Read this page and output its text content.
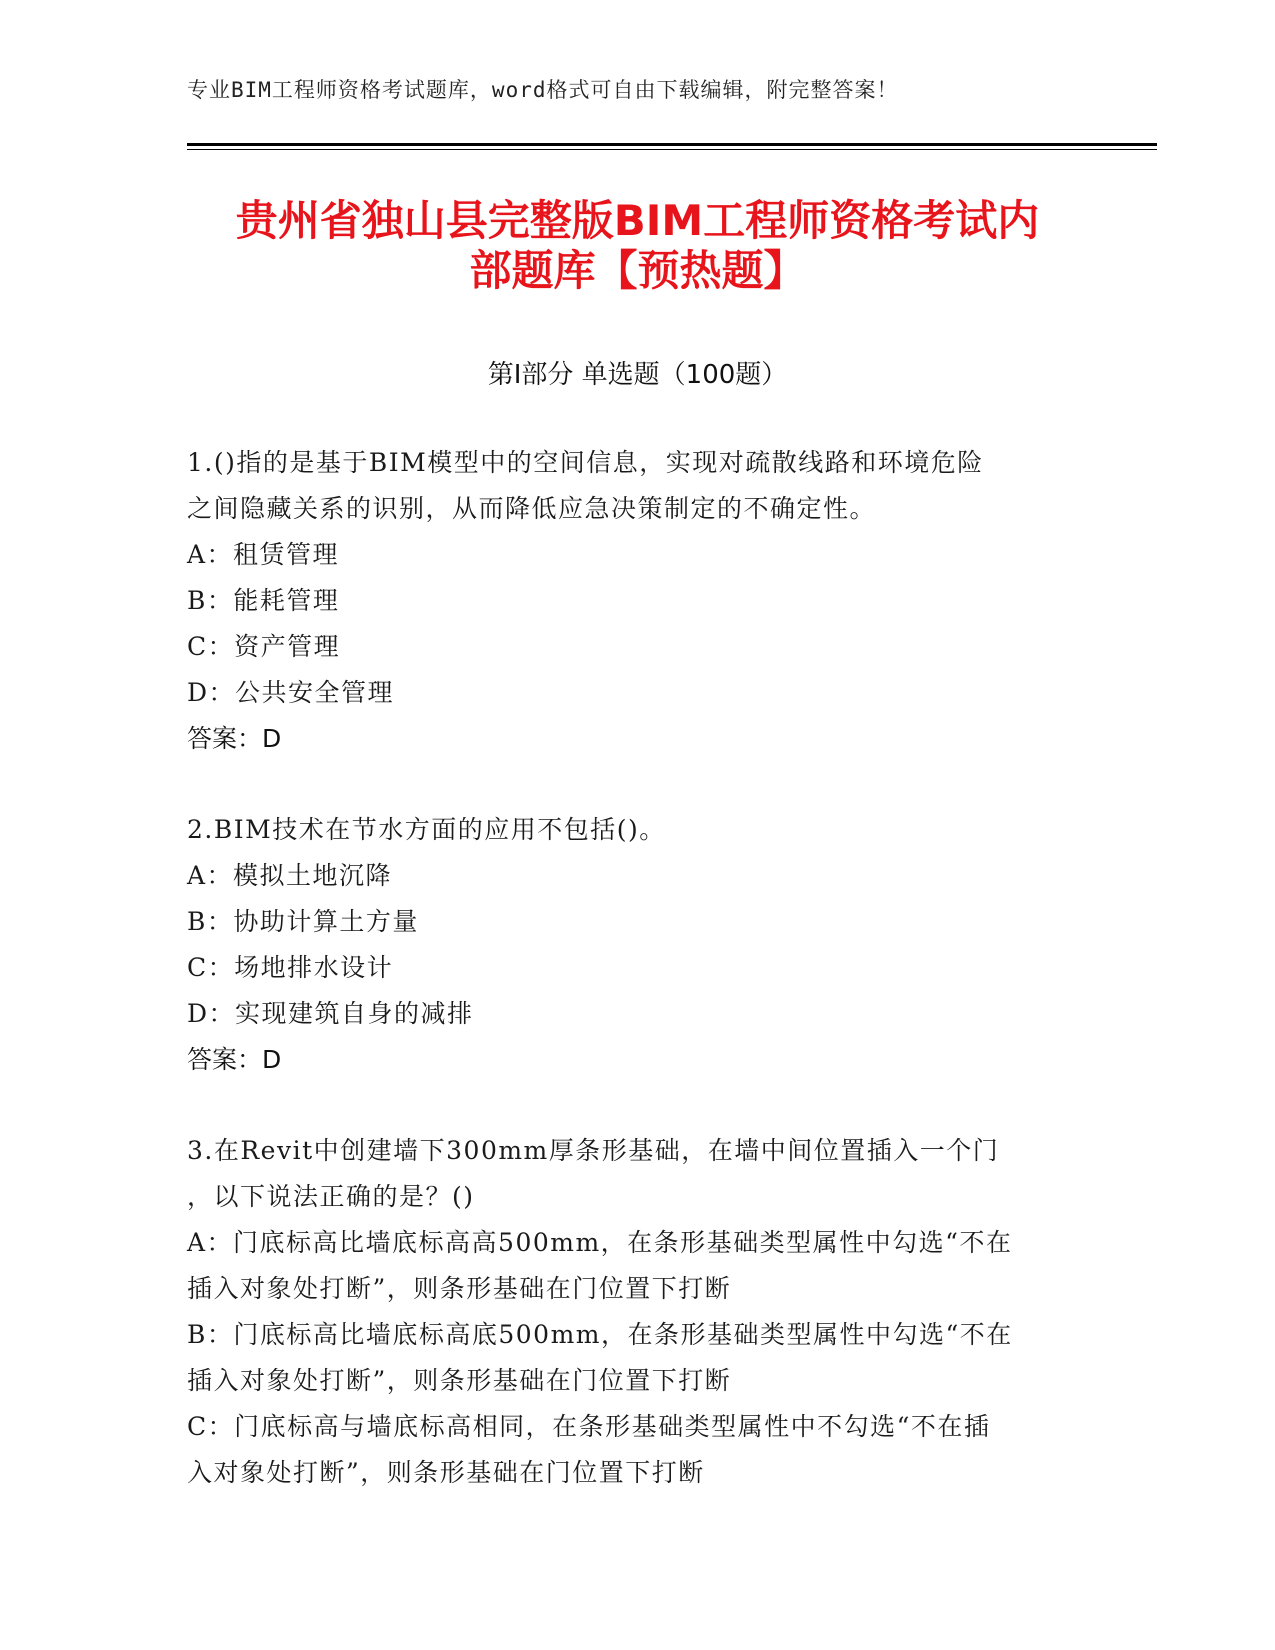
专业BIM工程师资格考试题库，word格式可自由下载编辑，附完整答案！
贵州省独山县完整版BIM工程师资格考试内
部题库【预热题】
第Ⅰ部分 单选题（100题）

1.()指的是基于BIM模型中的空间信息，实现对疏散线路和环境危险

之间隐藏关系的识别，从而降低应急决策制定的不确定性。

A：租赁管理

B：能耗管理

C：资产管理

D：公共安全管理

答案：D

2.BIM技术在节水方面的应用不包括()。

A：模拟土地沉降

B：协助计算土方量

C：场地排水设计

D：实现建筑自身的减排

答案：D

3.在Revit中创建墙下300mm厚条形基础，在墙中间位置插入一个门

，以下说法正确的是？()

A：门底标高比墙底标高高500mm，在条形基础类型属性中勾选“不在

插入对象处打断”，则条形基础在门位置下打断

B：门底标高比墙底标高底500mm，在条形基础类型属性中勾选“不在

插入对象处打断”，则条形基础在门位置下打断

C：门底标高与墙底标高相同，在条形基础类型属性中不勾选“不在插

入对象处打断”，则条形基础在门位置下打断
